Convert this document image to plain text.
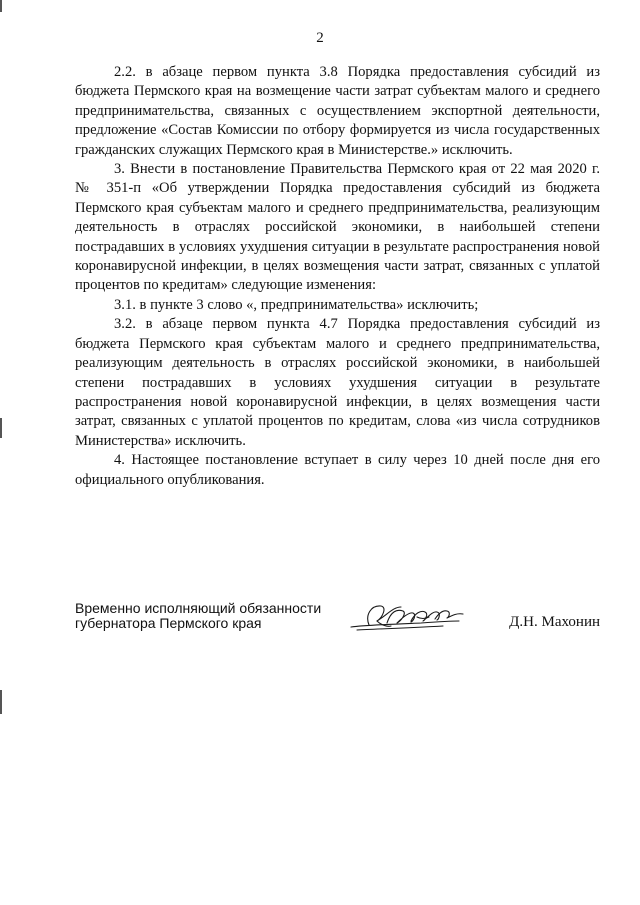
2

2.2. в абзаце первом пункта 3.8 Порядка предоставления субсидий из бюджета Пермского края на возмещение части затрат субъектам малого и среднего предпринимательства, связанных с осуществлением экспортной деятельности, предложение «Состав Комиссии по отбору формируется из числа государственных гражданских служащих Пермского края в Министерстве.» исключить.

3. Внести в постановление Правительства Пермского края от 22 мая 2020 г. № 351-п «Об утверждении Порядка предоставления субсидий из бюджета Пермского края субъектам малого и среднего предпринимательства, реализующим деятельность в отраслях российской экономики, в наибольшей степени пострадавших в условиях ухудшения ситуации в результате распространения новой коронавирусной инфекции, в целях возмещения части затрат, связанных с уплатой процентов по кредитам» следующие изменения:

3.1. в пункте 3 слово «, предпринимательства» исключить;

3.2. в абзаце первом пункта 4.7 Порядка предоставления субсидий из бюджета Пермского края субъектам малого и среднего предпринимательства, реализующим деятельность в отраслях российской экономики, в наибольшей степени пострадавших в условиях ухудшения ситуации в результате распространения новой коронавирусной инфекции, в целях возмещения части затрат, связанных с уплатой процентов по кредитам, слова «из числа сотрудников Министерства» исключить.

4. Настоящее постановление вступает в силу через 10 дней после дня его официального опубликования.

Временно исполняющий обязанности
губернатора Пермского края	Д.Н. Махонин
